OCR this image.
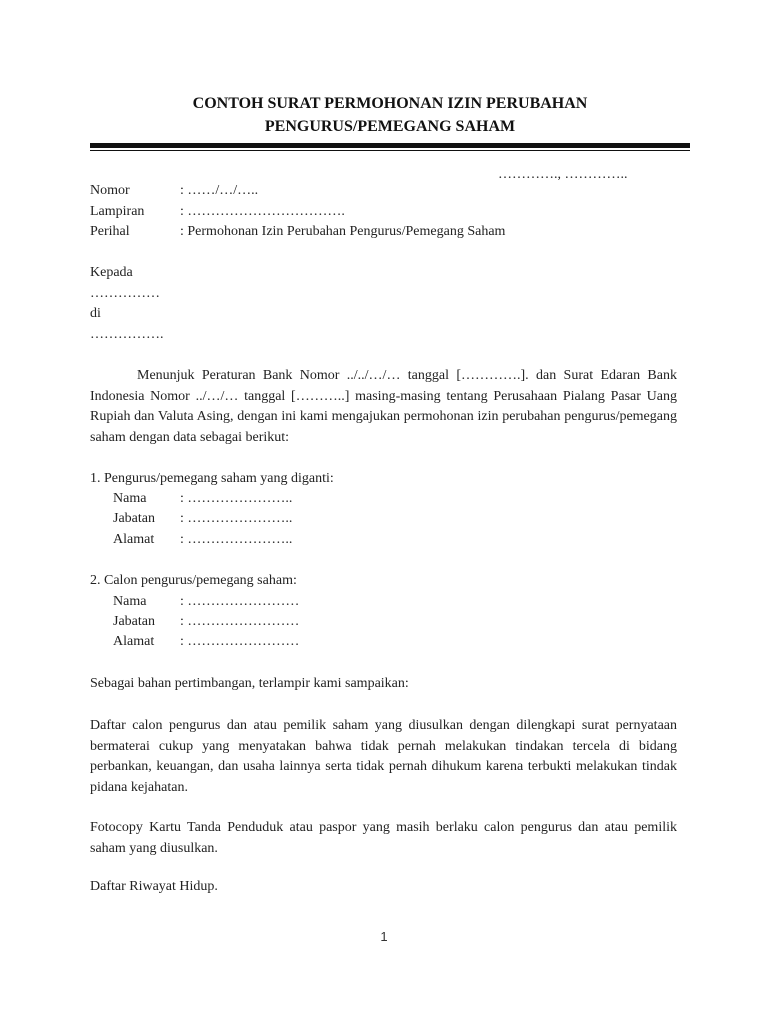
CONTOH SURAT PERMOHONAN IZIN PERUBAHAN
PENGURUS/PEMEGANG SAHAM
…………., …………..
Nomor	: ……/…/…..
Lampiran	: …………………………….
Perihal	: Permohonan Izin Perubahan Pengurus/Pemegang Saham
Kepada
……………
di
…………….

Menunjuk Peraturan Bank Nomor ../../…/… tanggal [………….]. dan Surat Edaran Bank Indonesia Nomor ../…/… tanggal [………..] masing-masing tentang Perusahaan Pialang Pasar Uang Rupiah dan Valuta Asing, dengan ini kami mengajukan permohonan izin perubahan pengurus/pemegang saham dengan data sebagai berikut:

1. Pengurus/pemegang saham yang diganti:
Nama : …………………..
Jabatan : …………………..
Alamat : …………………..
2. Calon pengurus/pemegang saham:
Nama : ……………………
Jabatan : ……………………
Alamat : ……………………
Sebagai bahan pertimbangan, terlampir kami sampaikan:

Daftar calon pengurus dan atau pemilik saham yang diusulkan dengan dilengkapi surat pernyataan bermaterai cukup yang menyatakan bahwa tidak pernah melakukan tindakan tercela di bidang perbankan, keuangan, dan usaha lainnya serta tidak pernah dihukum karena terbukti melakukan tindak pidana kejahatan.

Fotocopy Kartu Tanda Penduduk atau paspor yang masih berlaku calon pengurus dan atau pemilik saham yang diusulkan.

Daftar Riwayat Hidup.
1
